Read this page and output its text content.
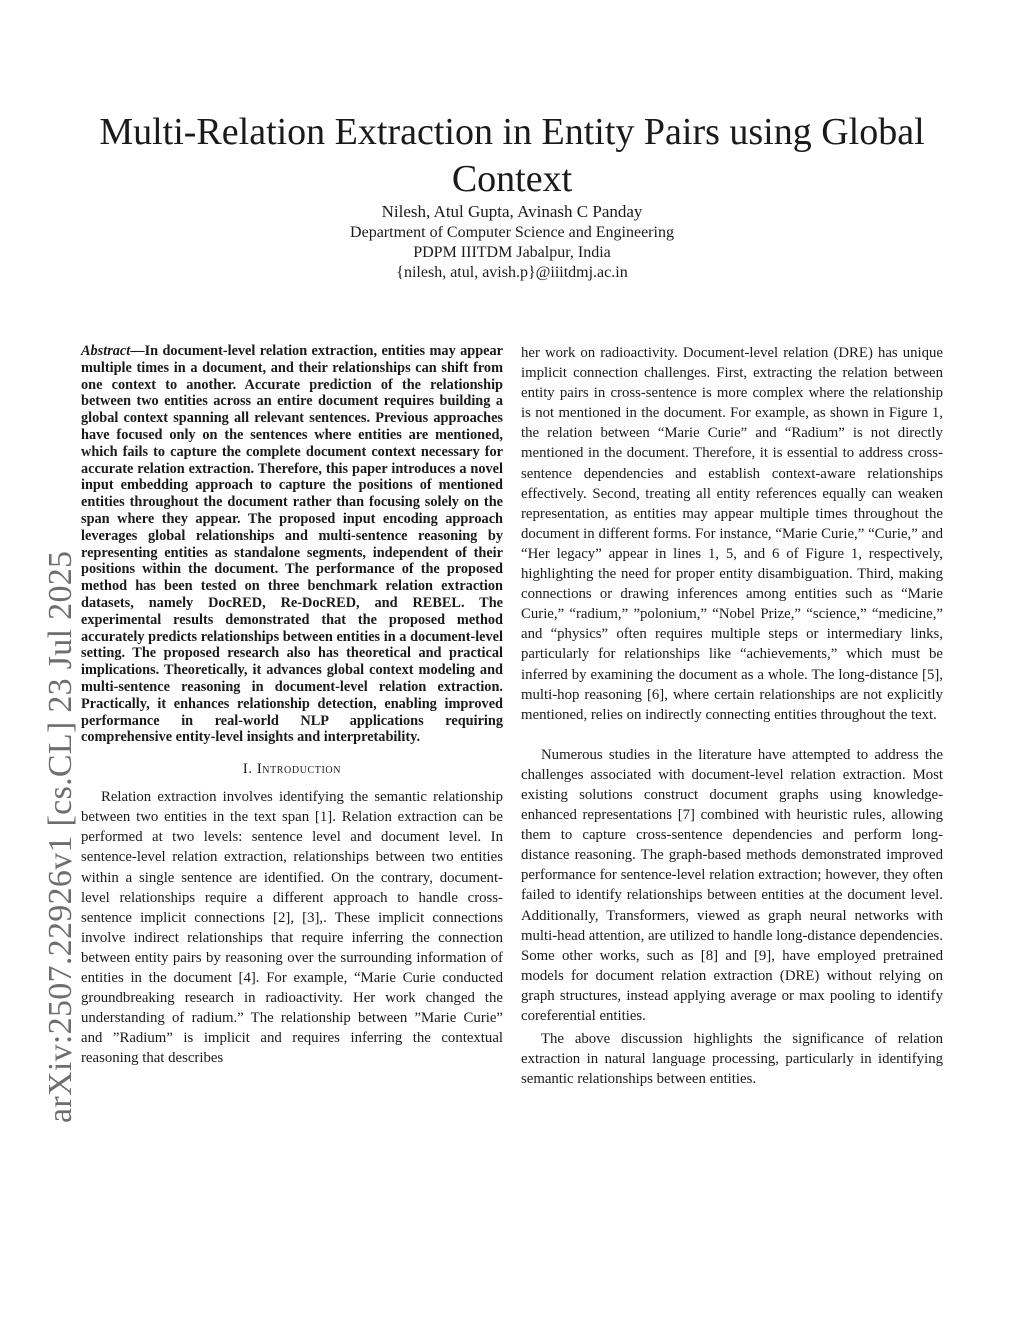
arXiv:2507.22926v1 [cs.CL] 23 Jul 2025
Multi-Relation Extraction in Entity Pairs using Global Context
Nilesh, Atul Gupta, Avinash C Panday
Department of Computer Science and Engineering
PDPM IIITDM Jabalpur, India
{nilesh, atul, avish.p}@iiitdmj.ac.in

Abstract—In document-level relation extraction, entities may appear multiple times in a document, and their relationships can shift from one context to another. Accurate prediction of the relationship between two entities across an entire document requires building a global context spanning all relevant sentences. Previous approaches have focused only on the sentences where entities are mentioned, which fails to capture the complete document context necessary for accurate relation extraction. Therefore, this paper introduces a novel input embedding approach to capture the positions of mentioned entities throughout the document rather than focusing solely on the span where they appear. The proposed input encoding approach leverages global relationships and multi-sentence reasoning by representing entities as standalone segments, independent of their positions within the document. The performance of the proposed method has been tested on three benchmark relation extraction datasets, namely DocRED, Re-DocRED, and REBEL. The experimental results demonstrated that the proposed method accurately predicts relationships between entities in a document-level setting. The proposed research also has theoretical and practical implications. Theoretically, it advances global context modeling and multi-sentence reasoning in document-level relation extraction. Practically, it enhances relationship detection, enabling improved performance in real-world NLP applications requiring comprehensive entity-level insights and interpretability.

I. Introduction

Relation extraction involves identifying the semantic relationship between two entities in the text span [1]. Relation extraction can be performed at two levels: sentence level and document level. In sentence-level relation extraction, relationships between two entities within a single sentence are identified. On the contrary, document-level relationships require a different approach to handle cross-sentence implicit connections [2], [3],. These implicit connections involve indirect relationships that require inferring the connection between entity pairs by reasoning over the surrounding information of entities in the document [4]. For example, “Marie Curie conducted groundbreaking research in radioactivity. Her work changed the understanding of radium.” The relationship between ”Marie Curie” and ”Radium” is implicit and requires inferring the contextual reasoning that describes

her work on radioactivity. Document-level relation (DRE) has unique implicit connection challenges. First, extracting the relation between entity pairs in cross-sentence is more complex where the relationship is not mentioned in the document. For example, as shown in Figure 1, the relation between “Marie Curie” and “Radium” is not directly mentioned in the document. Therefore, it is essential to address cross-sentence dependencies and establish context-aware relationships effectively. Second, treating all entity references equally can weaken representation, as entities may appear multiple times throughout the document in different forms. For instance, “Marie Curie,” “Curie,” and “Her legacy” appear in lines 1, 5, and 6 of Figure 1, respectively, highlighting the need for proper entity disambiguation. Third, making connections or drawing inferences among entities such as “Marie Curie,” “radium,” ”polonium,” “Nobel Prize,” “science,” “medicine,” and “physics” often requires multiple steps or intermediary links, particularly for relationships like “achievements,” which must be inferred by examining the document as a whole. The long-distance [5], multi-hop reasoning [6], where certain relationships are not explicitly mentioned, relies on indirectly connecting entities throughout the text.

Numerous studies in the literature have attempted to address the challenges associated with document-level relation extraction. Most existing solutions construct document graphs using knowledge-enhanced representations [7] combined with heuristic rules, allowing them to capture cross-sentence dependencies and perform long-distance reasoning. The graph-based methods demonstrated improved performance for sentence-level relation extraction; however, they often failed to identify relationships between entities at the document level. Additionally, Transformers, viewed as graph neural networks with multi-head attention, are utilized to handle long-distance dependencies. Some other works, such as [8] and [9], have employed pretrained models for document relation extraction (DRE) without relying on graph structures, instead applying average or max pooling to identify coreferential entities.

The above discussion highlights the significance of relation extraction in natural language processing, particularly in identifying semantic relationships between entities.
